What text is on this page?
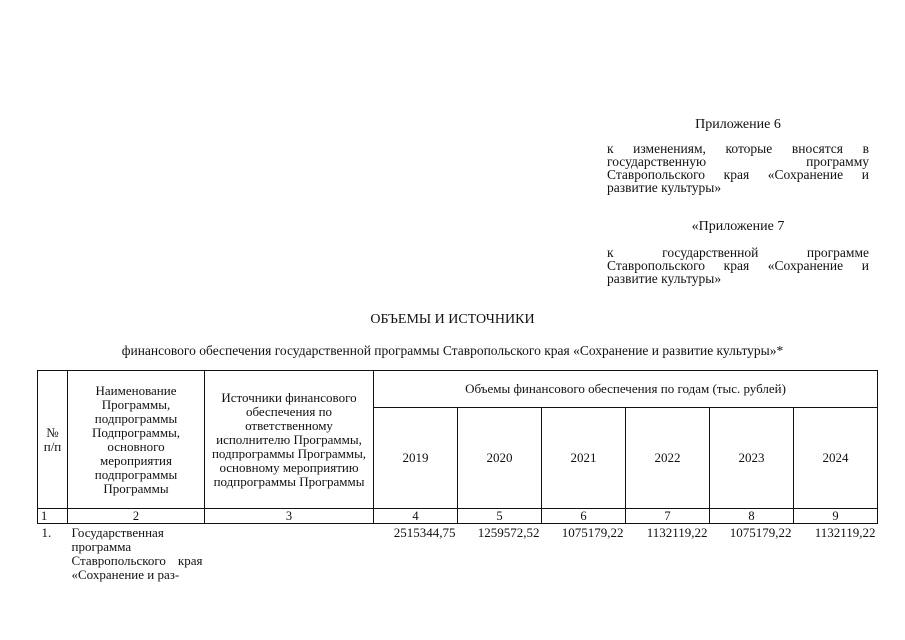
Приложение 6
к изменениям, которые вносятся в государственную программу Ставропольского края «Сохранение и развитие культуры»
«Приложение 7
к государственной программе Ставропольского края «Сохранение и развитие культуры»
ОБЪЕМЫ И ИСТОЧНИКИ
финансового обеспечения государственной программы Ставропольского края «Сохранение и развитие культуры»*
№ п/п	Наименование Программы, подпрограммы Подпрограммы, основного мероприятия подпрограммы Программы	Источники финансового обеспечения по ответственному исполнителю Программы, подпрограммы Программы, основному мероприятию подпрограммы Программы	Объемы финансового обеспечения по годам (тыс. рублей)					
			2019	2020	2021	2022	2023	2024
1	2	3	4	5	6	7	8	9
1.	Государственная программа Ставропольского края «Сохранение и раз-		2515344,75	1259572,52	1075179,22	1132119,22	1075179,22	1132119,22
